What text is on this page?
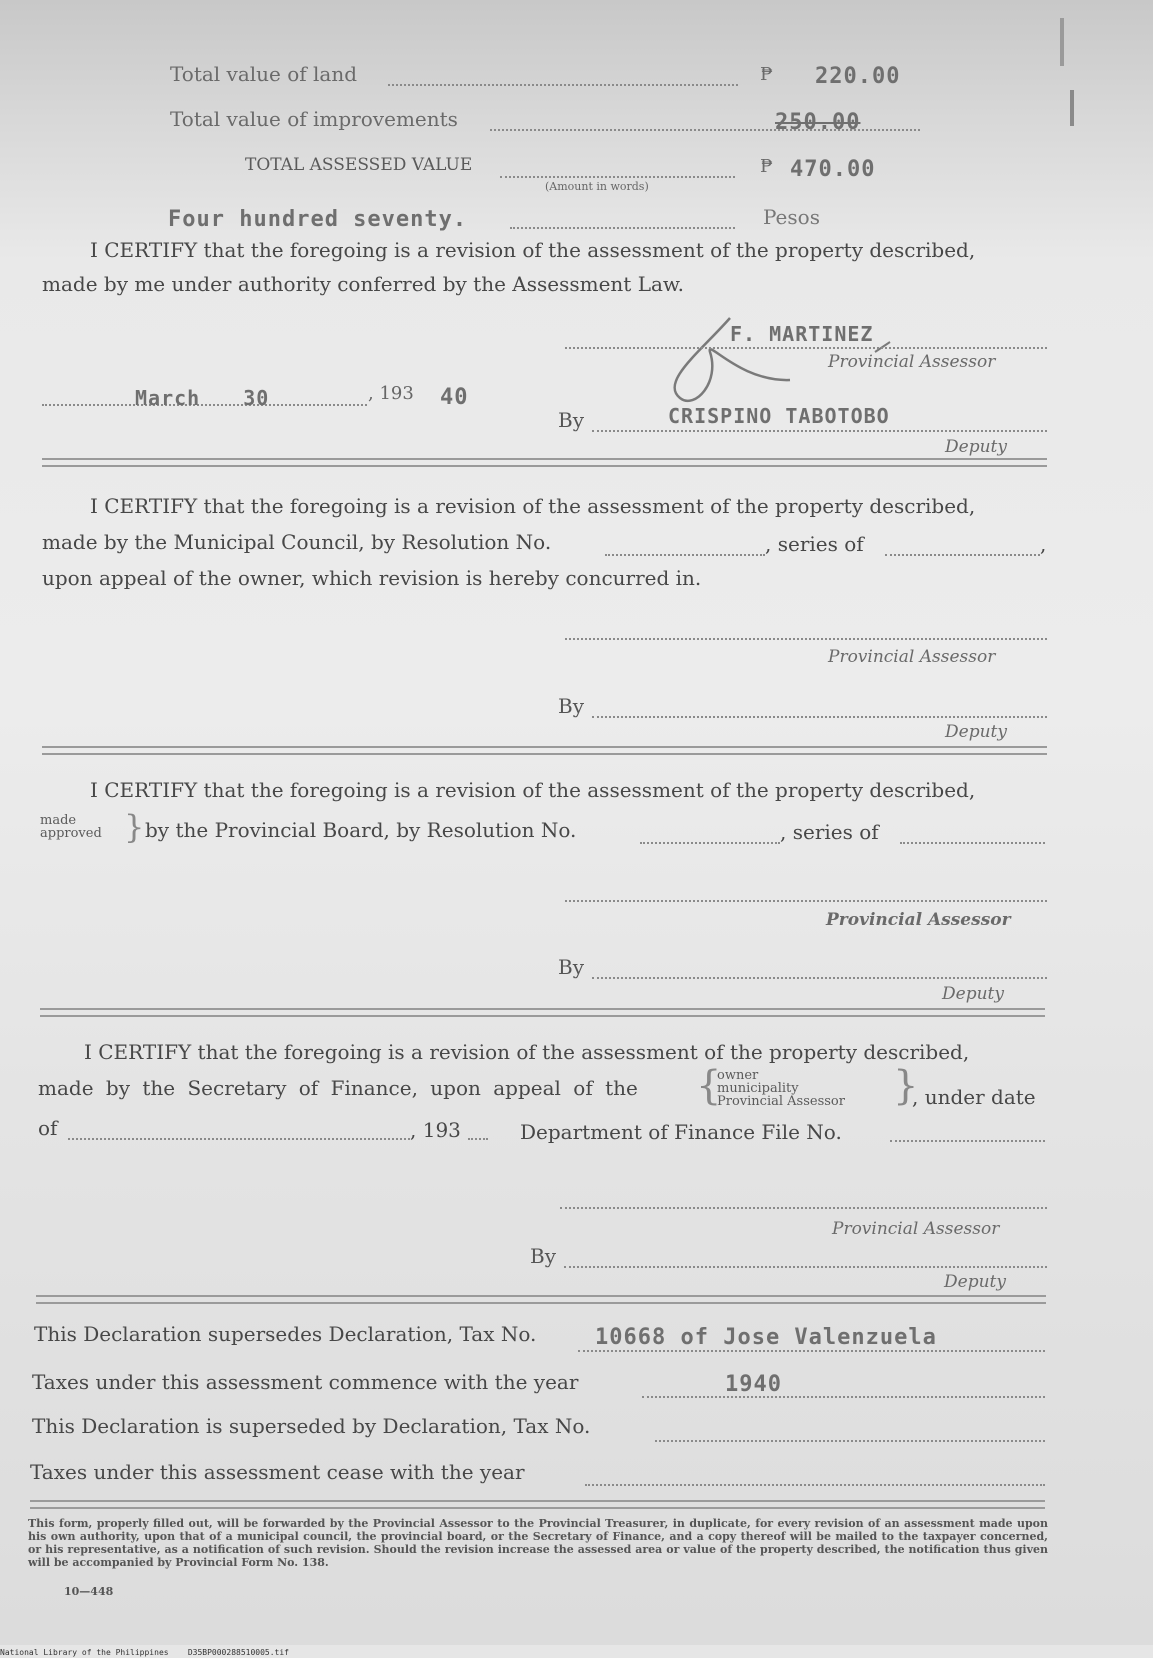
Total value of land	₱ 220.00
Total value of improvements	250.00
TOTAL ASSESSED VALUE	₱ 470.00
(Amount in words)
Four hundred seventy.	Pesos
I CERTIFY that the foregoing is a revision of the assessment of the property described,
made by me under authority conferred by the Assessment Law.
F. MARTINEZ
Provincial Assessor
March 30	, 193 40
By	CRISPINO TABOTOBO
Deputy
I CERTIFY that the foregoing is a revision of the assessment of the property described,
made by the Municipal Council, by Resolution No.	, series of	,
upon appeal of the owner, which revision is hereby concurred in.
Provincial Assessor
By
Deputy
I CERTIFY that the foregoing is a revision of the assessment of the property described,
made
approved } by the Provincial Board, by Resolution No.	, series of
Provincial Assessor
By
Deputy
I CERTIFY that the foregoing is a revision of the assessment of the property described,
made by the Secretary of Finance, upon appeal of the {
owner
municipality
Provincial Assessor }
, under date
of	, 193	Department of Finance File No.
Provincial Assessor
By
Deputy
This Declaration supersedes Declaration, Tax No.	10668 of Jose Valenzuela
Taxes under this assessment commence with the year	1940
This Declaration is superseded by Declaration, Tax No.
Taxes under this assessment cease with the year
This form, properly filled out, will be forwarded by the Provincial Assessor to the Provincial Treasurer, in duplicate, for every revision of an assessment made upon his own authority, upon that of a municipal council, the provincial board, or the Secretary of Finance, and a copy thereof will be mailed to the taxpayer concerned, or his representative, as a notification of such revision. Should the revision increase the assessed area or value of the property described, the notification thus given will be accompanied by Provincial Form No. 138.
10—448
National Library of the Philippines    D35BP000288510005.tif
